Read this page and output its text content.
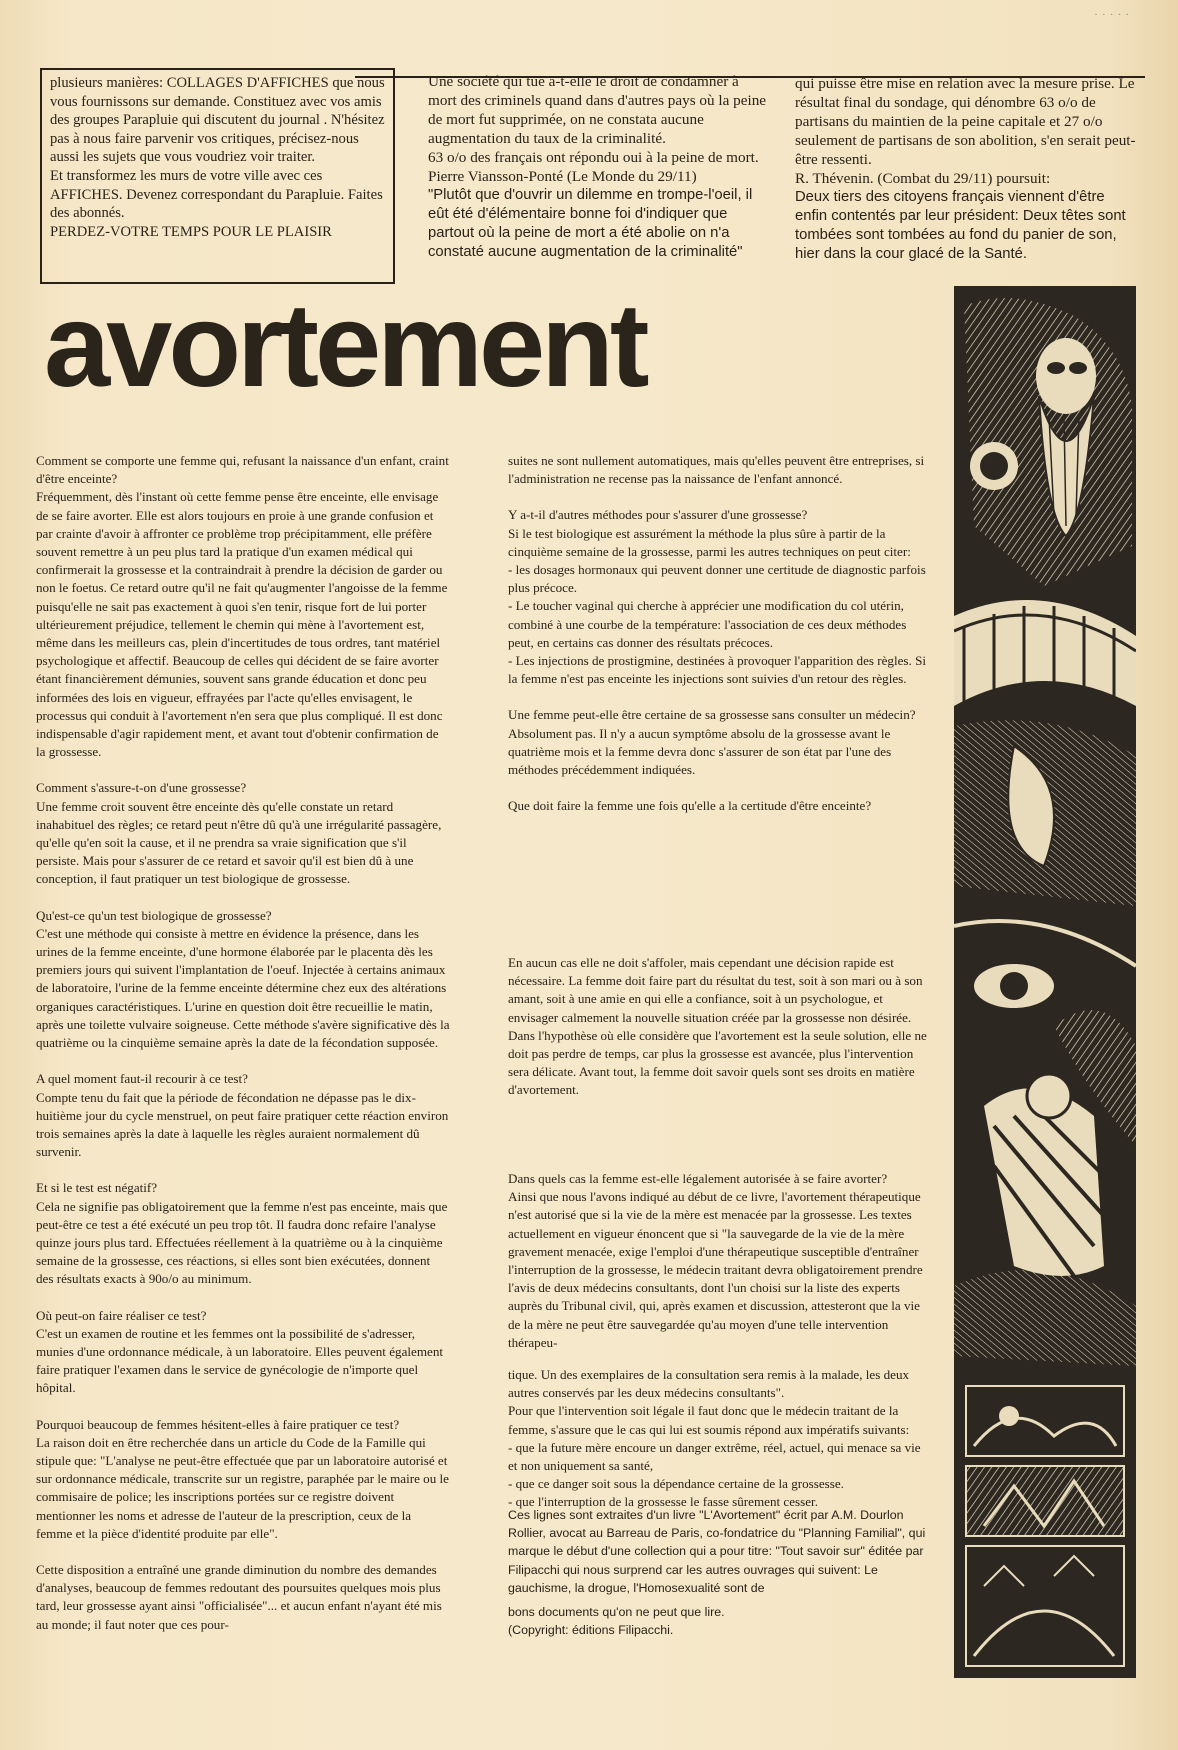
· · · · ·

plusieurs manières: COLLAGES D'AFFICHES que nous vous fournissons sur demande. Constituez avec vos amis des groupes Parapluie qui discutent du journal . N'hésitez pas à nous faire parvenir vos critiques, précisez-nous aussi les sujets que vous voudriez voir traiter.

Et transformez les murs de votre ville avec ces AFFICHES. Devenez correspondant du Parapluie. Faites des abonnés.

PERDEZ-VOTRE TEMPS POUR LE PLAISIR

Une société qui tue a-t-elle le droit de condamner à mort des criminels quand dans d'autres pays où la peine de mort fut supprimée, on ne constata aucune augmentation du taux de la criminalité.

63 o/o des français ont répondu oui à la peine de mort.

Pierre Viansson-Ponté (Le Monde du 29/11)

"Plutôt que d'ouvrir un dilemme en trompe-l'oeil, il eût été d'élémentaire bonne foi d'indiquer que partout où la peine de mort a été abolie on n'a constaté aucune augmentation de la criminalité"

qui puisse être mise en relation avec la mesure prise. Le résultat final du sondage, qui dénombre 63 o/o de partisans du maintien de la peine capitale et 27 o/o seulement de partisans de son abolition, s'en serait peut-être ressenti.

R. Thévenin. (Combat du 29/11) poursuit:

Deux tiers des citoyens français viennent d'être enfin contentés par leur président: Deux têtes sont tombées sont tombées au fond du panier de son, hier dans la cour glacé de la Santé.

avortement

Comment se comporte une femme qui, refusant la naissance d'un enfant, craint d'être enceinte?
Fréquemment, dès l'instant où cette femme pense être enceinte, elle envisage de se faire avorter. Elle est alors toujours en proie à une grande confusion et par crainte d'avoir à affronter ce problème trop précipitamment, elle préfère souvent remettre à un peu plus tard la pratique d'un examen médical qui confirmerait la grossesse et la contraindrait à prendre la décision de garder ou non le foetus. Ce retard outre qu'il ne fait qu'augmenter l'angoisse de la femme puisqu'elle ne sait pas exactement à quoi s'en tenir, risque fort de lui porter ultérieurement préjudice, tellement le chemin qui mène à l'avortement est, même dans les meilleurs cas, plein d'incertitudes de tous ordres, tant matériel psychologique et affectif. Beaucoup de celles qui décident de se faire avorter étant financièrement démunies, souvent sans grande éducation et donc peu informées des lois en vigueur, effrayées par l'acte qu'elles envisagent, le processus qui conduit à l'avortement n'en sera que plus compliqué. Il est donc indispensable d'agir rapidement ment, et avant tout d'obtenir confirmation de la grossesse.

Comment s'assure-t-on d'une grossesse?
Une femme croit souvent être enceinte dès qu'elle constate un retard inahabituel des règles; ce retard peut n'être dû qu'à une irrégularité passagère, qu'elle qu'en soit la cause, et il ne prendra sa vraie signification que s'il persiste. Mais pour s'assurer de ce retard et savoir qu'il est bien dû à une conception, il faut pratiquer un test biologique de grossesse.

Qu'est-ce qu'un test biologique de grossesse?
C'est une méthode qui consiste à mettre en évidence la présence, dans les urines de la femme enceinte, d'une hormone élaborée par le placenta dès les premiers jours qui suivent l'implantation de l'oeuf. Injectée à certains animaux de laboratoire, l'urine de la femme enceinte détermine chez eux des altérations organiques caractéristiques. L'urine en question doit être recueillie le matin, après une toilette vulvaire soigneuse. Cette méthode s'avère significative dès la quatrième ou la cinquième semaine après la date de la fécondation supposée.

A quel moment faut-il recourir à ce test?
Compte tenu du fait que la période de fécondation ne dépasse pas le dix-huitième jour du cycle menstruel, on peut faire pratiquer cette réaction environ trois semaines après la date à laquelle les règles auraient normalement dû survenir.

Et si le test est négatif?
Cela ne signifie pas obligatoirement que la femme n'est pas enceinte, mais que peut-être ce test a été exécuté un peu trop tôt. Il faudra donc refaire l'analyse quinze jours plus tard. Effectuées réellement à la quatrième ou à la cinquième semaine de la grossesse, ces réactions, si elles sont bien exécutées, donnent des résultats exacts à 90o/o au minimum.

Où peut-on faire réaliser ce test?
C'est un examen de routine et les femmes ont la possibilité de s'adresser, munies d'une ordonnance médicale, à un laboratoire. Elles peuvent également faire pratiquer l'examen dans le service de gynécologie de n'importe quel hôpital.

Pourquoi beaucoup de femmes hésitent-elles à faire pratiquer ce test?
La raison doit en être recherchée dans un article du Code de la Famille qui stipule que: "L'analyse ne peut-être effectuée que par un laboratoire autorisé et sur ordonnance médicale, transcrite sur un registre, paraphée par le maire ou le commisaire de police; les inscriptions portées sur ce registre doivent mentionner les noms et adresse de l'auteur de la prescription, ceux de la femme et la pièce d'identité produite par elle".

Cette disposition a entraîné une grande diminution du nombre des demandes d'analyses, beaucoup de femmes redoutant des poursuites quelques mois plus tard, leur grossesse ayant ainsi "officialisée"... et aucun enfant n'ayant été mis au monde; il faut noter que ces pour-

suites ne sont nullement automatiques, mais qu'elles peuvent être entreprises, si l'administration ne recense pas la naissance de l'enfant annoncé.

Y a-t-il d'autres méthodes pour s'assurer d'une grossesse?
Si le test biologique est assurément la méthode la plus sûre à partir de la cinquième semaine de la grossesse, parmi les autres techniques on peut citer:
- les dosages hormonaux qui peuvent donner une certitude de diagnostic parfois plus précoce.
- Le toucher vaginal qui cherche à apprécier une modification du col utérin, combiné à une courbe de la température: l'association de ces deux méthodes peut, en certains cas donner des résultats précoces.
- Les injections de prostigmine, destinées à provoquer l'apparition des règles. Si la femme n'est pas enceinte les injections sont suivies d'un retour des règles.

Une femme peut-elle être certaine de sa grossesse sans consulter un médecin?
Absolument pas. Il n'y a aucun symptôme absolu de la grossesse avant le quatrième mois et la femme devra donc s'assurer de son état par l'une des méthodes précédemment indiquées.

Que doit faire la femme une fois qu'elle a la certitude d'être enceinte?

En aucun cas elle ne doit s'affoler, mais cependant une décision rapide est nécessaire. La femme doit faire part du résultat du test, soit à son mari ou à son amant, soit à une amie en qui elle a confiance, soit à un psychologue, et envisager calmement la nouvelle situation créée par la grossesse non désirée. Dans l'hypothèse où elle considère que l'avortement est la seule solution, elle ne doit pas perdre de temps, car plus la grossesse est avancée, plus l'intervention sera délicate. Avant tout, la femme doit savoir quels sont ses droits en matière d'avortement.

Dans quels cas la femme est-elle légalement autorisée à se faire avorter?
Ainsi que nous l'avons indiqué au début de ce livre, l'avortement thérapeutique n'est autorisé que si la vie de la mère est menacée par la grossesse. Les textes actuellement en vigueur énoncent que si "la sauvegarde de la vie de la mère gravement menacée, exige l'emploi d'une thérapeutique susceptible d'entraîner l'interruption de la grossesse, le médecin traitant devra obligatoirement prendre l'avis de deux médecins consultants, dont l'un choisi sur la liste des experts auprès du Tribunal civil, qui, après examen et discussion, attesteront que la vie de la mère ne peut être sauvegardée qu'au moyen d'une telle intervention thérapeu-

tique. Un des exemplaires de la consultation sera remis à la malade, les deux autres conservés par les deux médecins consultants".
Pour que l'intervention soit légale il faut donc que le médecin traitant de la femme, s'assure que le cas qui lui est soumis répond aux impératifs suivants:
- que la future mère encoure un danger extrême, réel, actuel, qui menace sa vie et non uniquement sa santé,
- que ce danger soit sous la dépendance certaine de la grossesse.
- que l'interruption de la grossesse le fasse sûrement cesser.

Ces lignes sont extraites d'un livre "L'Avortement" écrit par A.M. Dourlon Rollier, avocat au Barreau de Paris, co-fondatrice du "Planning Familial", qui marque le début d'une collection qui a pour titre: "Tout savoir sur" éditée par Filipacchi qui nous surprend car les autres ouvrages qui suivent: Le gauchisme, la drogue, l'Homosexualité sont de

bons documents qu'on ne peut que lire.
(Copyright: éditions Filipacchi.
